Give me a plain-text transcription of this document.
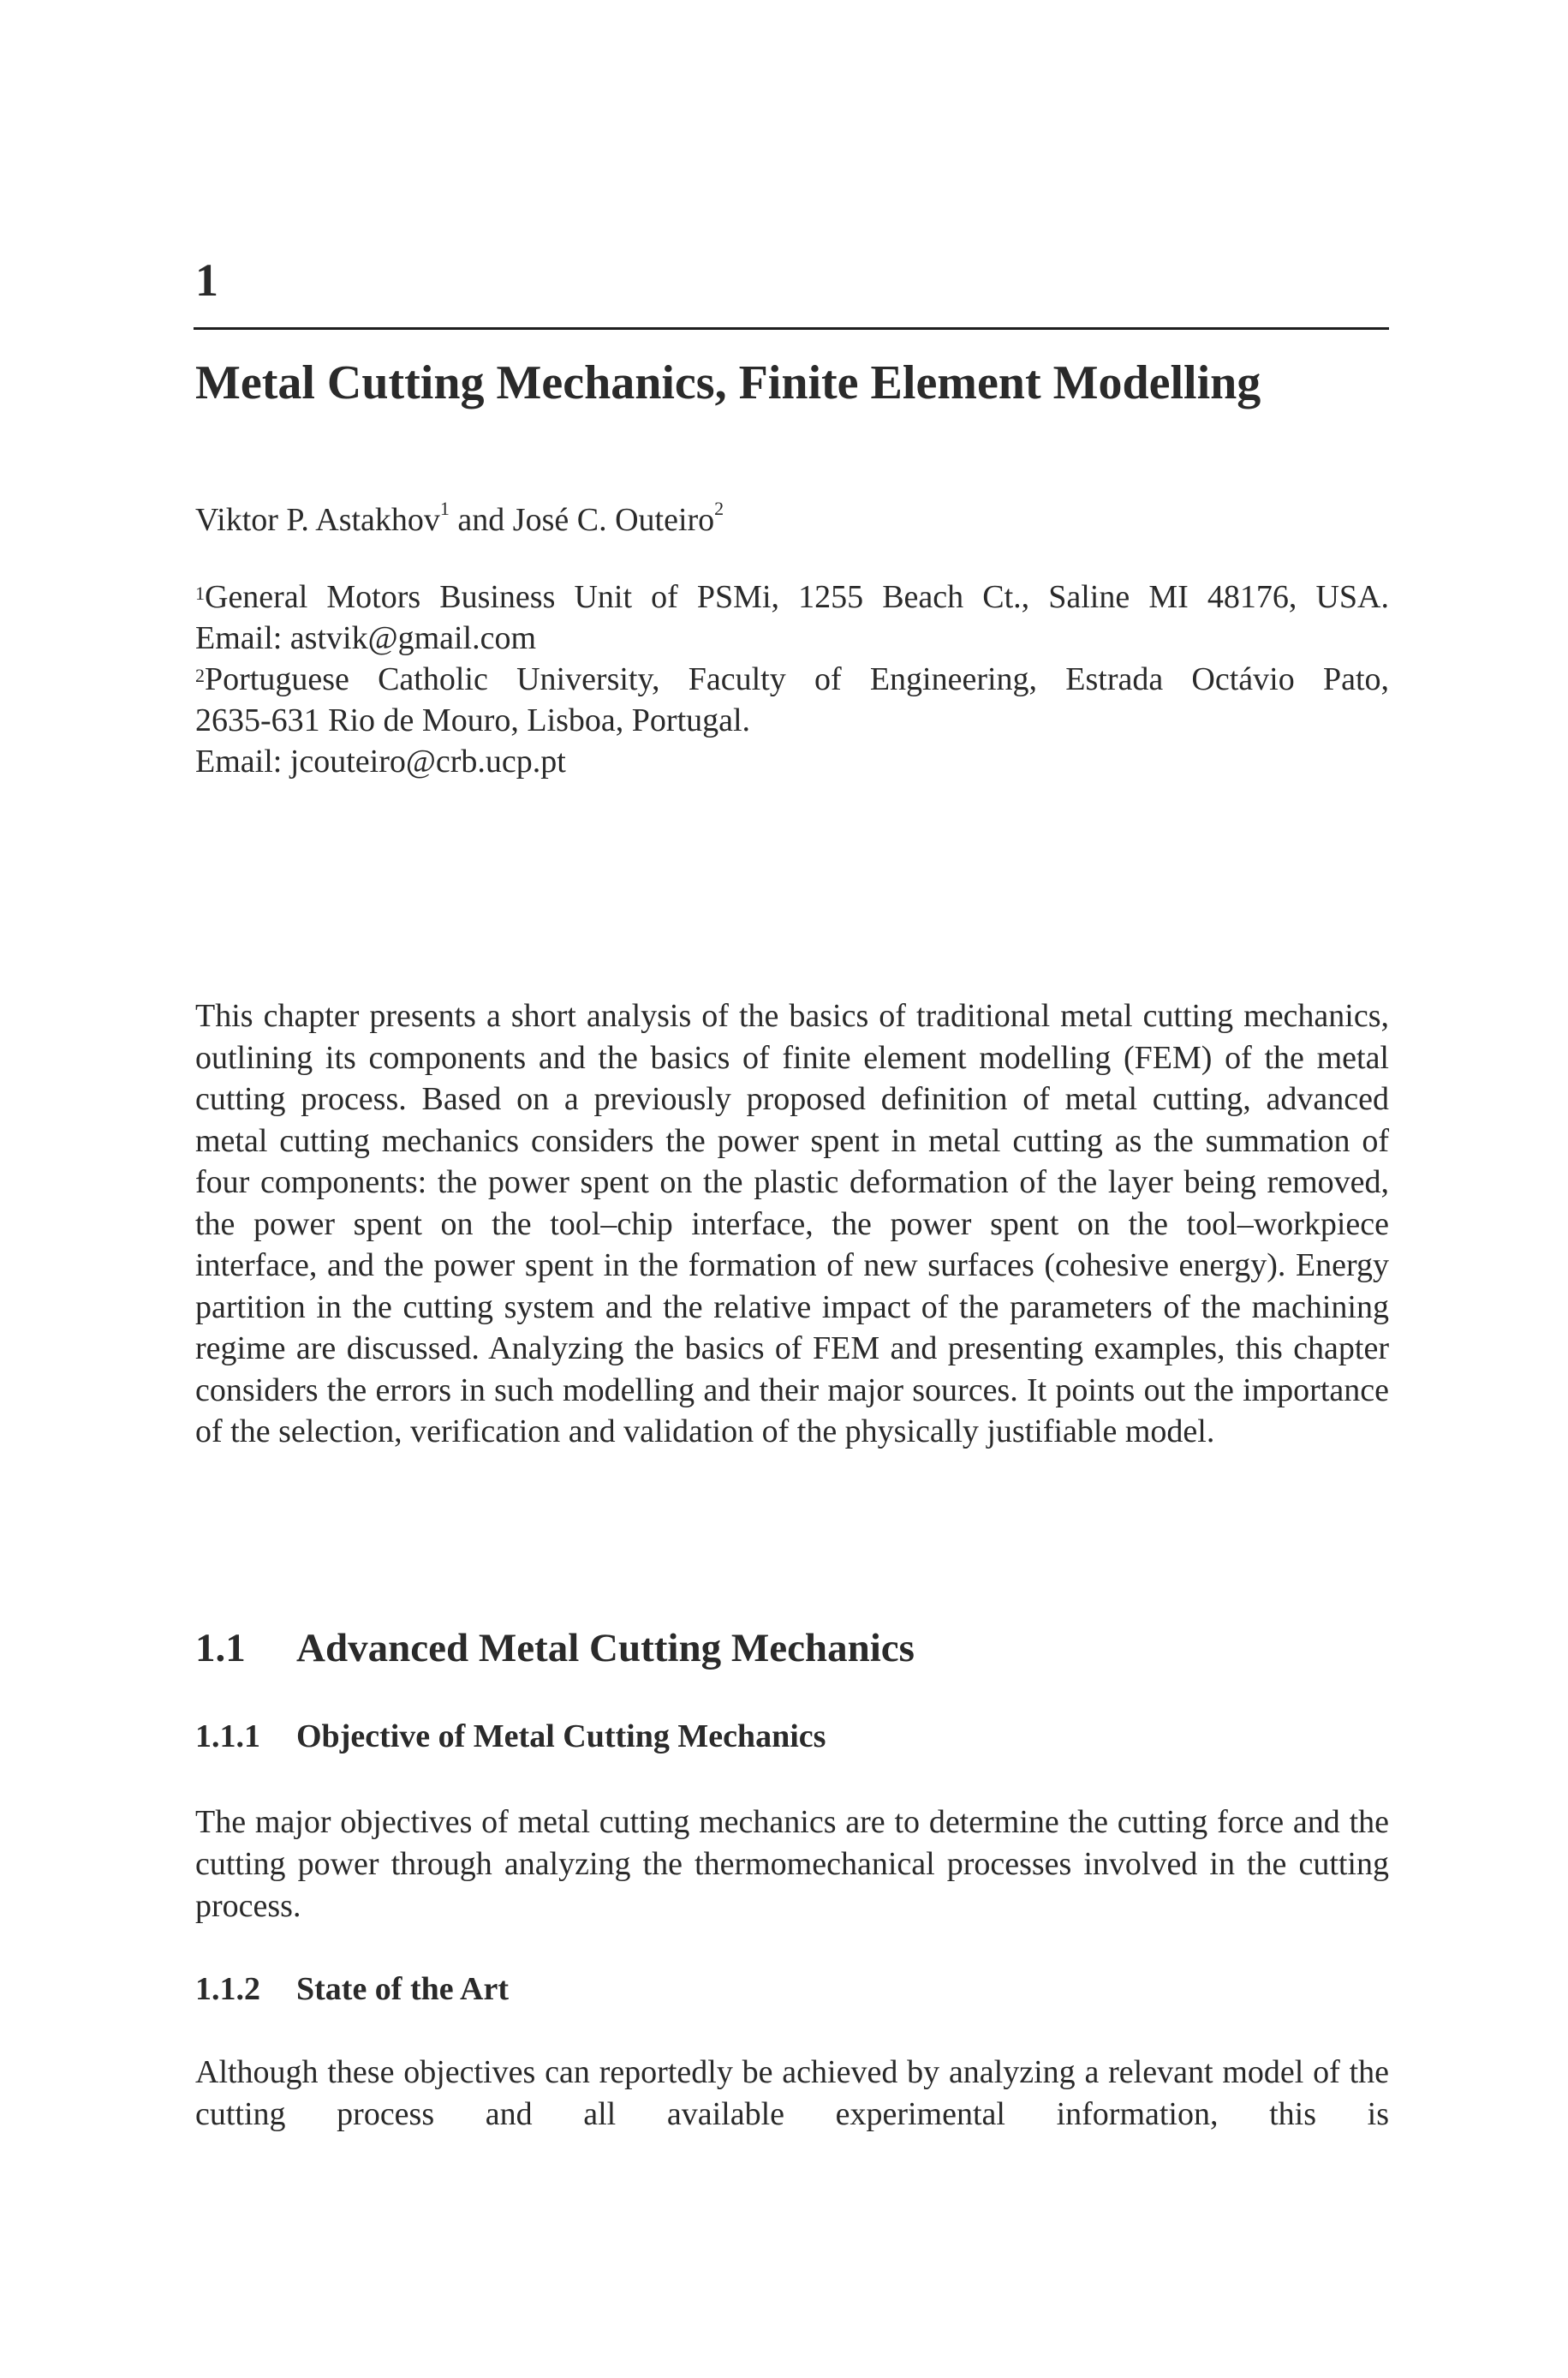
1
Metal Cutting Mechanics, Finite Element Modelling
Viktor P. Astakhov$^1$ and José C. Outeiro$^2$
$^1$General Motors Business Unit of PSMi, 1255 Beach Ct., Saline MI 48176, USA.
Email: astvik@gmail.com
$^2$Portuguese Catholic University, Faculty of Engineering, Estrada Octávio Pato,
2635-631 Rio de Mouro, Lisboa, Portugal.
Email: jcouteiro@crb.ucp.pt

This chapter presents a short analysis of the basics of traditional metal cutting mechanics, outlining its components and the basics of finite element modelling (FEM) of the metal cutting process. Based on a previously proposed definition of metal cutting, advanced metal cutting mechanics considers the power spent in metal cutting as the summation of four components: the power spent on the plastic deformation of the layer being removed, the power spent on the tool–chip interface, the power spent on the tool–workpiece interface, and the power spent in the formation of new surfaces (cohesive energy). Energy partition in the cutting system and the relative impact of the parameters of the machining regime are discussed. Analyzing the basics of FEM and presenting examples, this chapter considers the errors in such modelling and their major sources. It points out the importance of the selection, verification and validation of the physically justifiable model.

1.1 Advanced Metal Cutting Mechanics
1.1.1 Objective of Metal Cutting Mechanics

The major objectives of metal cutting mechanics are to determine the cutting force and the cutting power through analyzing the thermomechanical processes involved in the cutting process.

1.1.2 State of the Art

Although these objectives can reportedly be achieved by analyzing a relevant model of the cutting process and all available experimental information, this is
